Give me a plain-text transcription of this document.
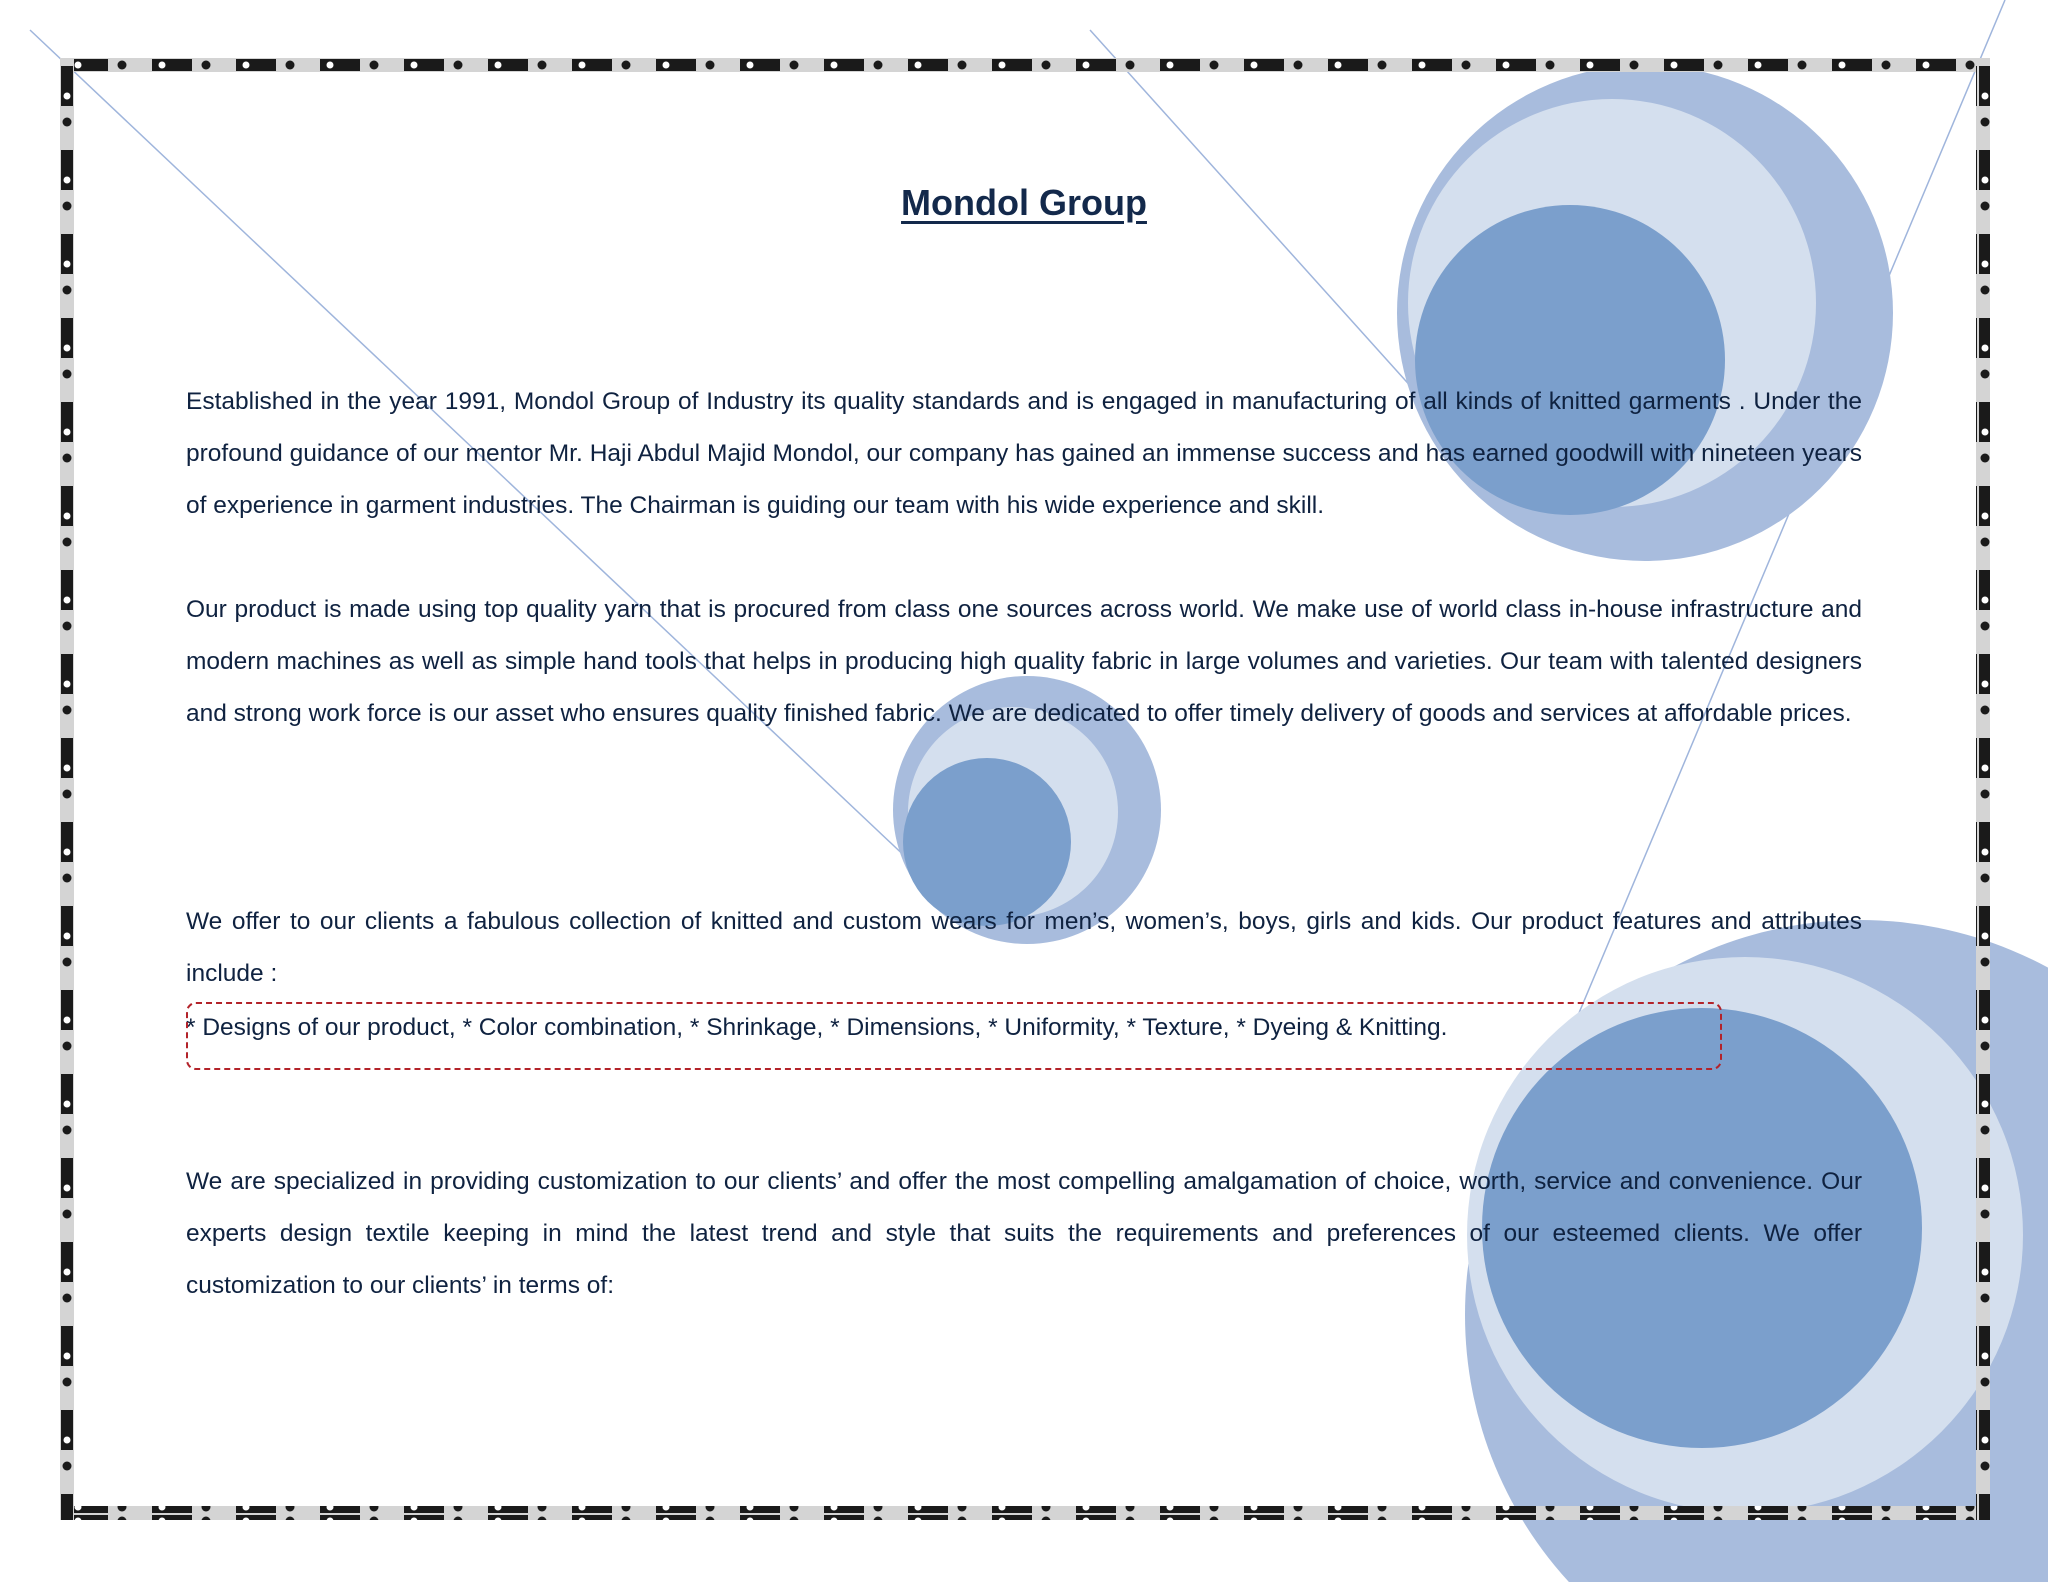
Mondol Group

Established in the year 1991, Mondol Group of Industry its quality standards and is engaged in manufacturing of all kinds of knitted garments . Under the profound guidance of our mentor Mr. Haji Abdul Majid Mondol, our company has gained an immense success and has earned goodwill with nineteen years of experience in garment industries. The Chairman is guiding our team with his wide experience and skill.

Our product is made using top quality yarn that is procured from class one sources across world. We make use of world class in-house infrastructure and modern machines as well as simple hand tools that helps in producing high quality fabric in large volumes and varieties. Our team with talented designers and strong work force is our asset who ensures quality finished fabric. We are dedicated to offer timely delivery of goods and services at affordable prices.

We offer to our clients a fabulous collection of knitted and custom wears for men’s, women’s, boys, girls and kids. Our product features and attributes include :

* Designs of our product, * Color combination, * Shrinkage, * Dimensions, * Uniformity, * Texture, * Dyeing & Knitting.

We are specialized in providing customization to our clients’ and offer the most compelling amalgamation of choice, worth, service and convenience. Our experts design textile keeping in mind the latest trend and style that suits the requirements and preferences of our esteemed clients. We offer customization to our clients’ in terms of:
